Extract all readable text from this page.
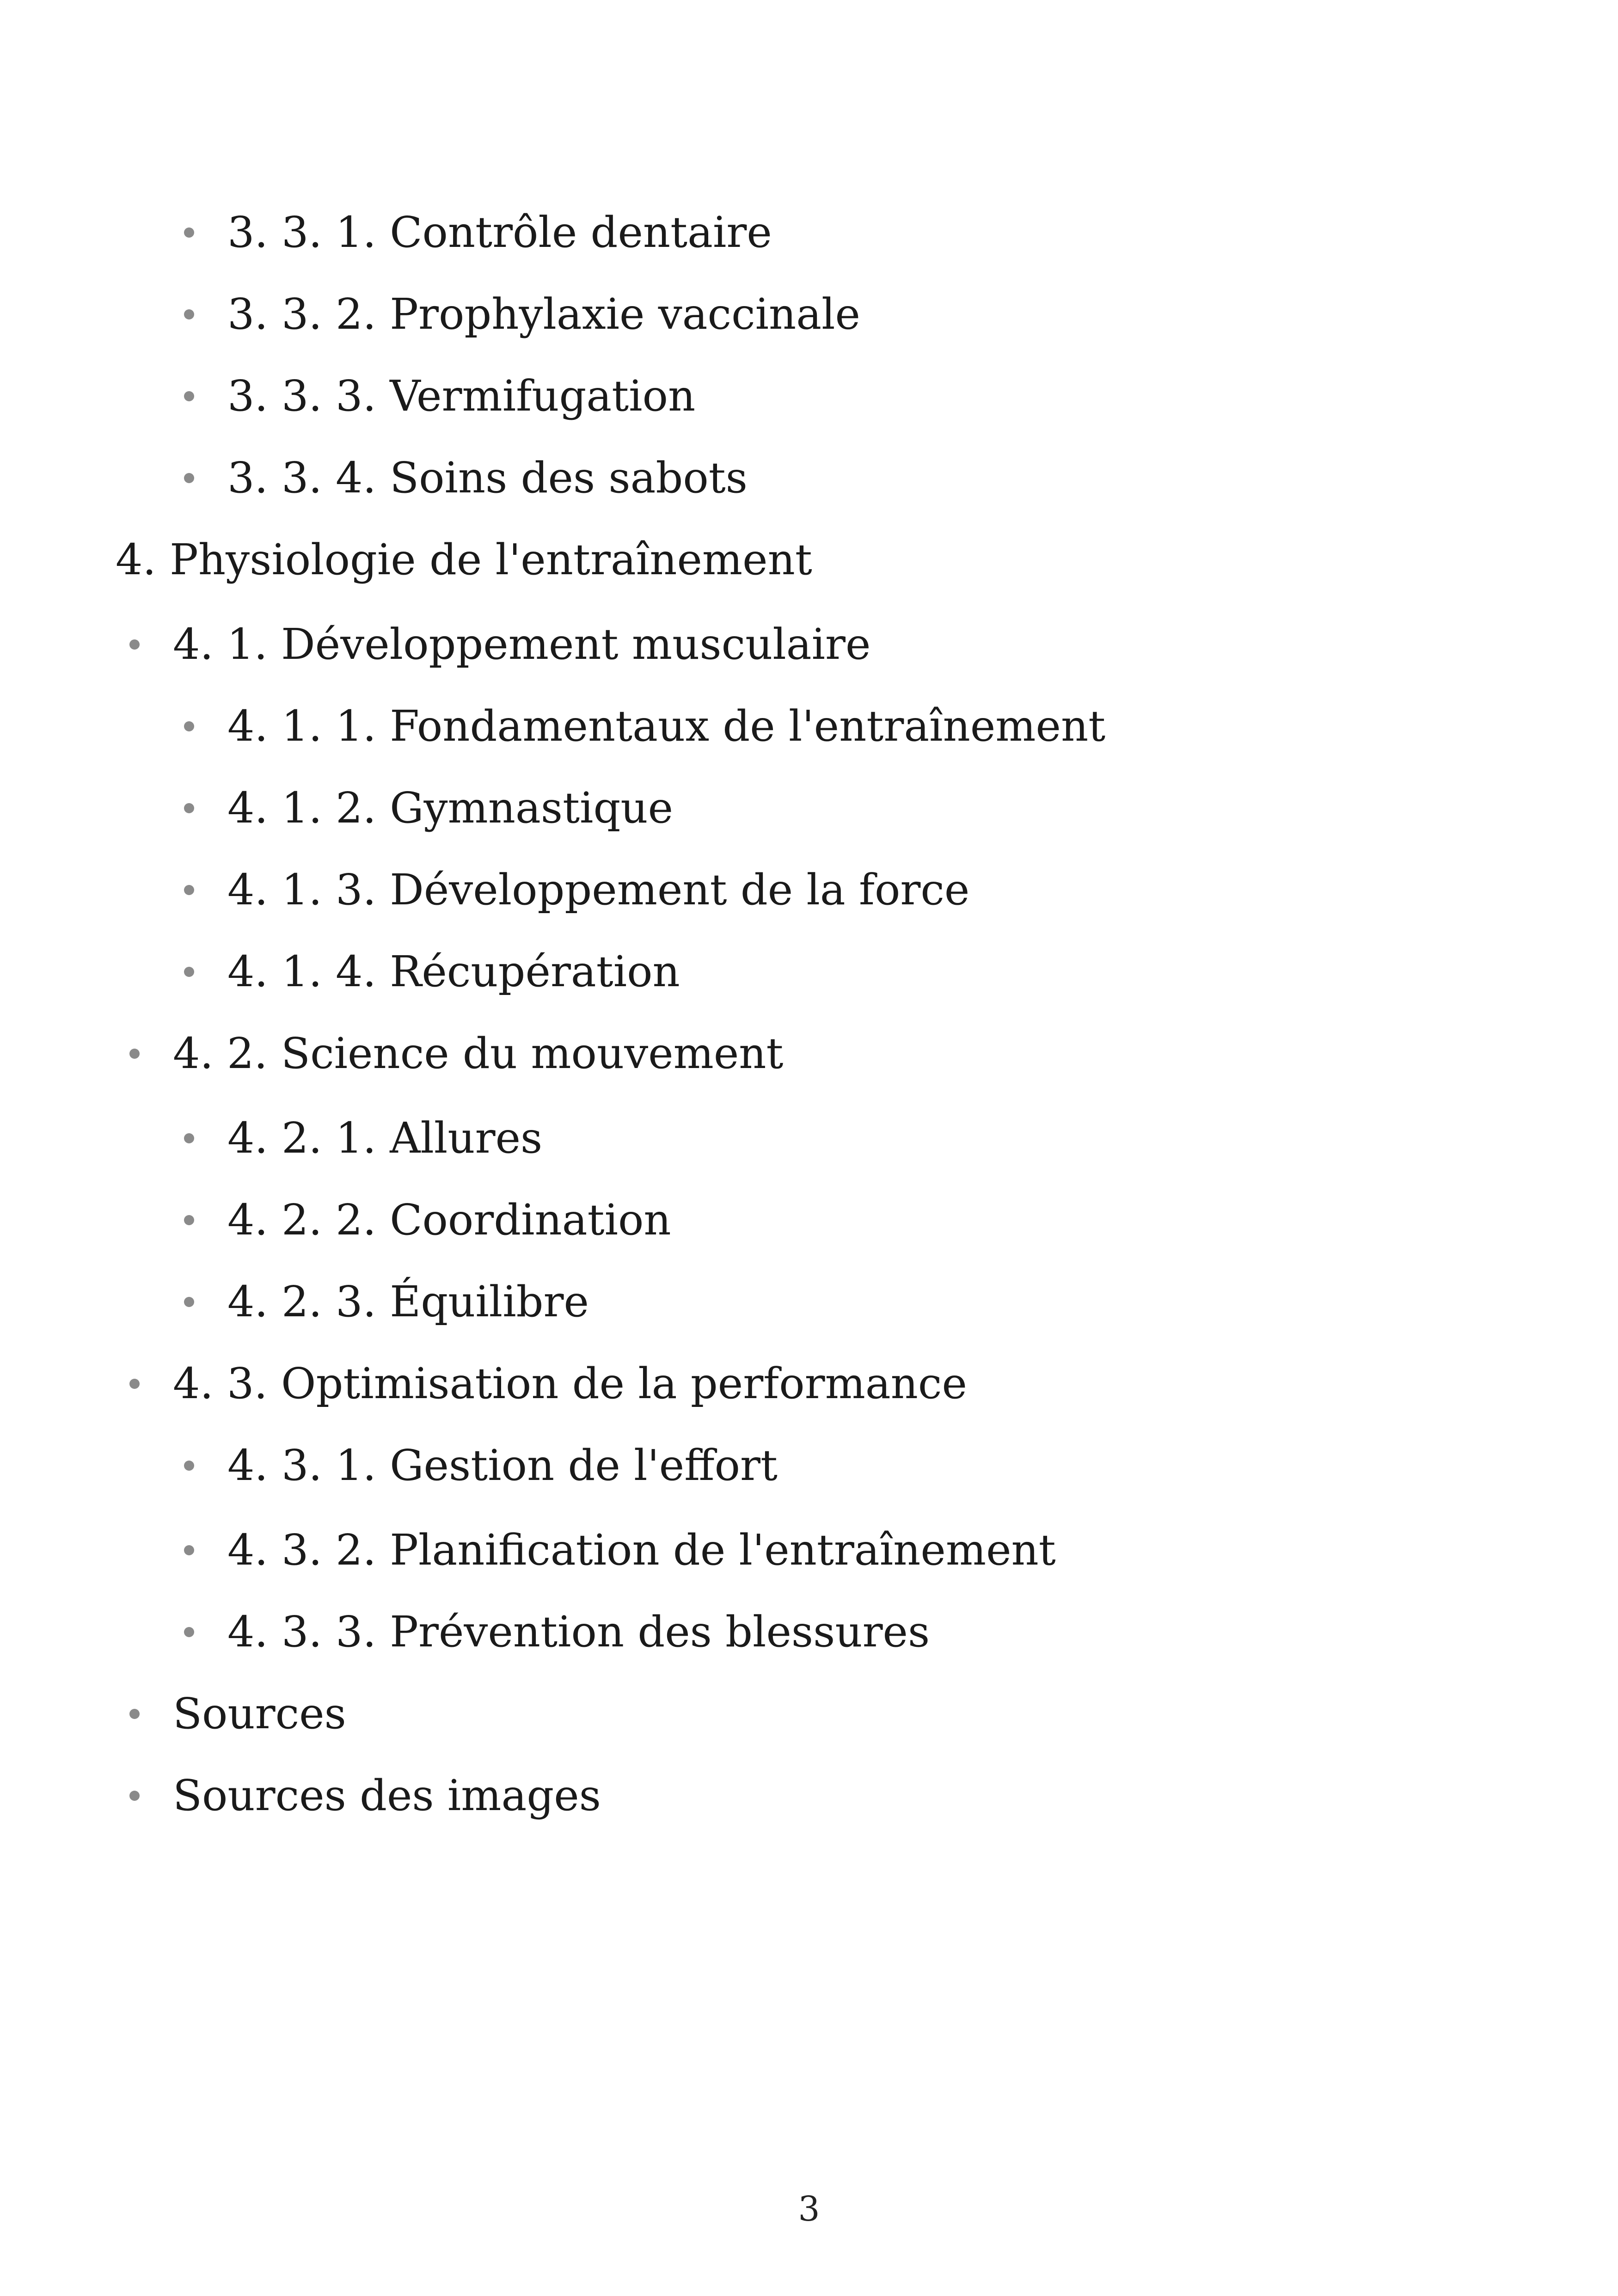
3. 3. 1. Contrôle dentaire
3. 3. 2. Prophylaxie vaccinale
3. 3. 3. Vermifugation
3. 3. 4. Soins des sabots
4. Physiologie de l'entraînement
4. 1. Développement musculaire
4. 1. 1. Fondamentaux de l'entraînement
4. 1. 2. Gymnastique
4. 1. 3. Développement de la force
4. 1. 4. Récupération
4. 2. Science du mouvement
4. 2. 1. Allures
4. 2. 2. Coordination
4. 2. 3. Équilibre
4. 3. Optimisation de la performance
4. 3. 1. Gestion de l'effort
4. 3. 2. Planification de l'entraînement
4. 3. 3. Prévention des blessures
Sources
Sources des images
3
